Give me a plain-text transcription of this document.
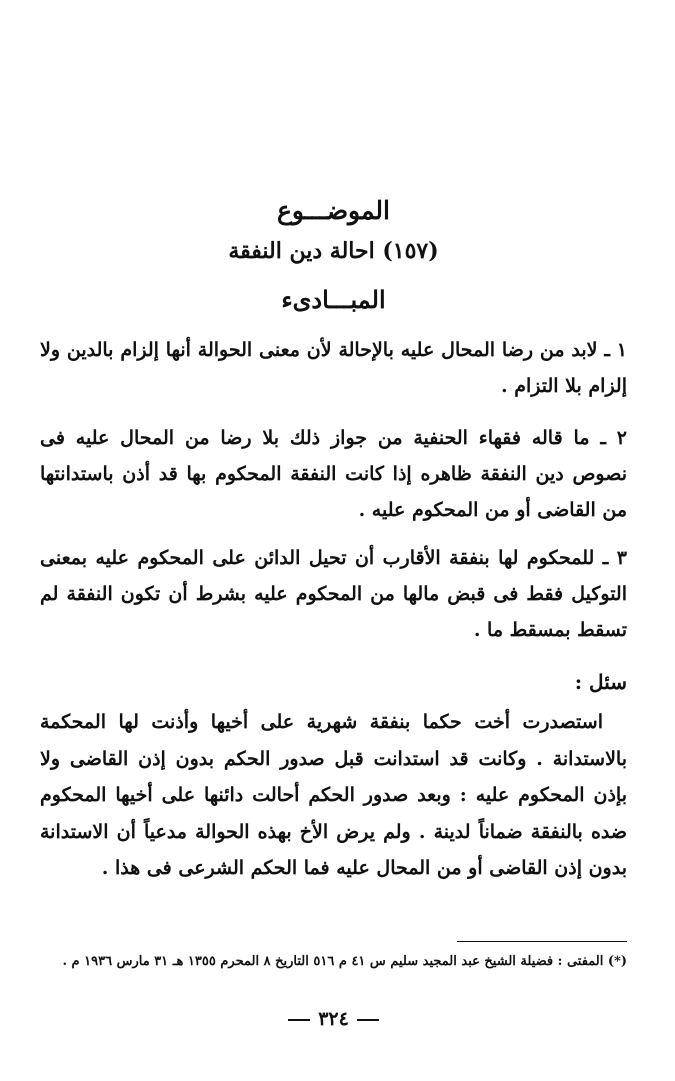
الموضـــوع
(١٥٧) احالة دين النفقة
المبـــادىء

١ ـ لابد من رضا المحال عليه بالإحالة لأن معنى الحوالة أنها إلزام بالدين ولا إلزام بلا التزام .

٢ ـ ما قاله فقهاء الحنفية من جواز ذلك بلا رضا من المحال عليه فى نصوص دين النفقة ظاهره إذا كانت النفقة المحكوم بها قد أذن باستدانتها من القاضى أو من المحكوم عليه .

٣ ـ للمحكوم لها بنفقة الأقارب أن تحيل الدائن على المحكوم عليه بمعنى التوكيل فقط فى قبض مالها من المحكوم عليه بشرط أن تكون النفقة لم تسقط بمسقط ما .

سئل :

استصدرت أخت حكما بنفقة شهرية على أخيها وأذنت لها المحكمة بالاستدانة . وكانت قد استدانت قبل صدور الحكم بدون إذن القاضى ولا بإذن المحكوم عليه : وبعد صدور الحكم أحالت دائنها على أخيها المحكوم ضده بالنفقة ضماناً لدينة . ولم يرض الأخ بهذه الحوالة مدعياً أن الاستدانة بدون إذن القاضى أو من المحال عليه فما الحكم الشرعى فى هذا .

(*) المفتى : فضيلة الشيخ عبد المجيد سليم س ٤١ م ٥١٦ التاريخ ٨ المحرم ١٣٥٥ هـ ٣١ مارس ١٩٣٦ م .

٣٢٤
